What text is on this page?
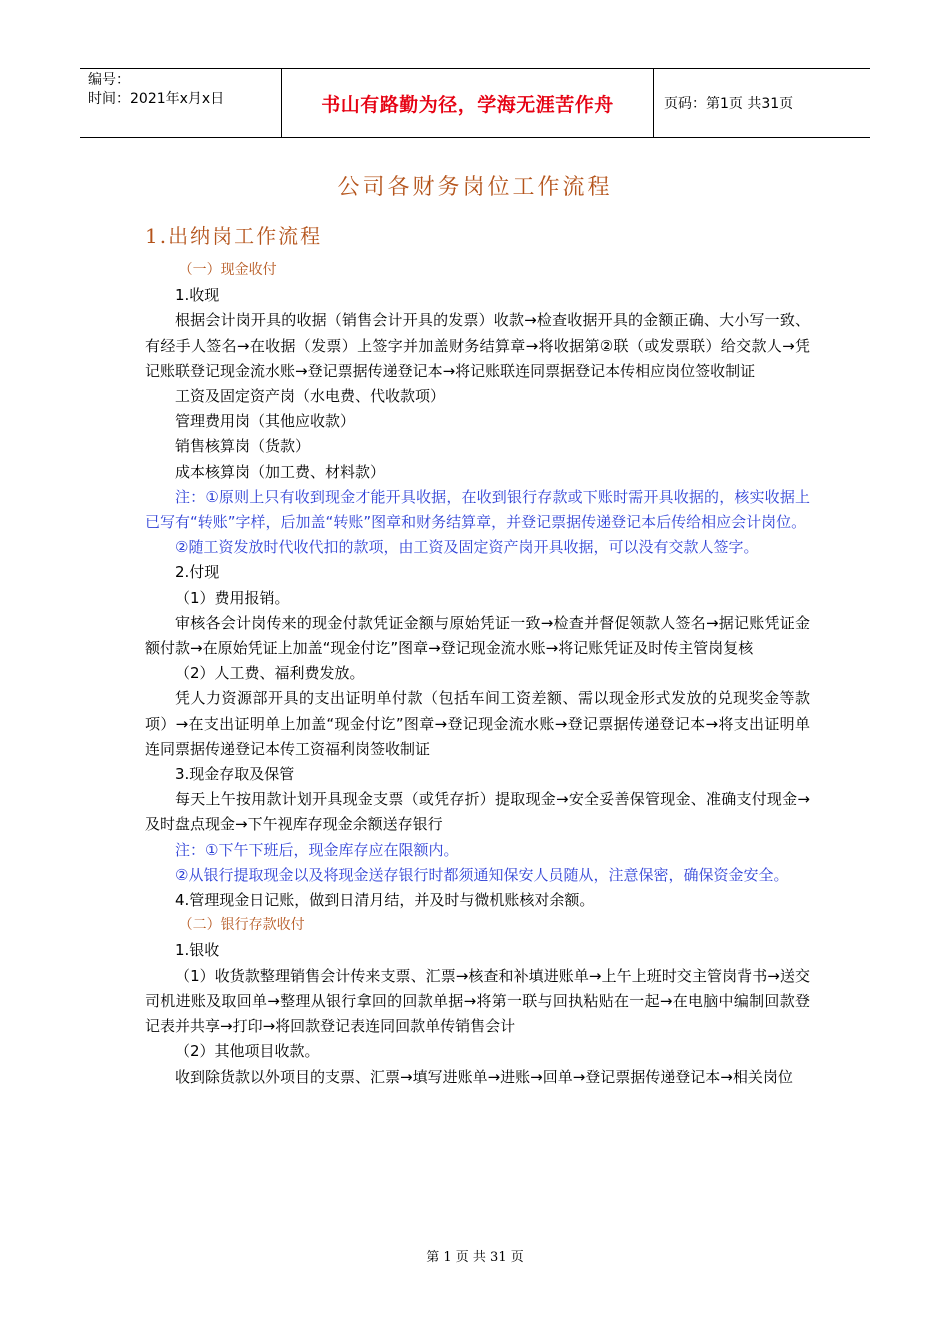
编号：
时间：2021年x月x日	书山有路勤为径，学海无涯苦作舟	页码：第1页 共31页
公司各财务岗位工作流程
1.出纳岗工作流程

（一）现金收付

1.收现

根据会计岗开具的收据（销售会计开具的发票）收款→检查收据开具的金额正确、大小写一致、有经手人签名→在收据（发票）上签字并加盖财务结算章→将收据第②联（或发票联）给交款人→凭记账联登记现金流水账→登记票据传递登记本→将记账联连同票据登记本传相应岗位签收制证

工资及固定资产岗（水电费、代收款项）

管理费用岗（其他应收款）

销售核算岗（货款）

成本核算岗（加工费、材料款）

注：①原则上只有收到现金才能开具收据，在收到银行存款或下账时需开具收据的，核实收据上已写有“转账”字样，后加盖“转账”图章和财务结算章，并登记票据传递登记本后传给相应会计岗位。

②随工资发放时代收代扣的款项，由工资及固定资产岗开具收据，可以没有交款人签字。

2.付现

（1）费用报销。

审核各会计岗传来的现金付款凭证金额与原始凭证一致→检查并督促领款人签名→据记账凭证金额付款→在原始凭证上加盖“现金付讫”图章→登记现金流水账→将记账凭证及时传主管岗复核

（2）人工费、福利费发放。

凭人力资源部开具的支出证明单付款（包括车间工资差额、需以现金形式发放的兑现奖金等款项）→在支出证明单上加盖“现金付讫”图章→登记现金流水账→登记票据传递登记本→将支出证明单连同票据传递登记本传工资福利岗签收制证

3.现金存取及保管

每天上午按用款计划开具现金支票（或凭存折）提取现金→安全妥善保管现金、准确支付现金→及时盘点现金→下午视库存现金余额送存银行

注：①下午下班后，现金库存应在限额内。

②从银行提取现金以及将现金送存银行时都须通知保安人员随从，注意保密，确保资金安全。

4.管理现金日记账，做到日清月结，并及时与微机账核对余额。

（二）银行存款收付

1.银收

（1）收货款整理销售会计传来支票、汇票→核查和补填进账单→上午上班时交主管岗背书→送交司机进账及取回单→整理从银行拿回的回款单据→将第一联与回执粘贴在一起→在电脑中编制回款登记表并共享→打印→将回款登记表连同回款单传销售会计

（2）其他项目收款。

收到除货款以外项目的支票、汇票→填写进账单→进账→回单→登记票据传递登记本→相关岗位

第 1 页 共 31 页
